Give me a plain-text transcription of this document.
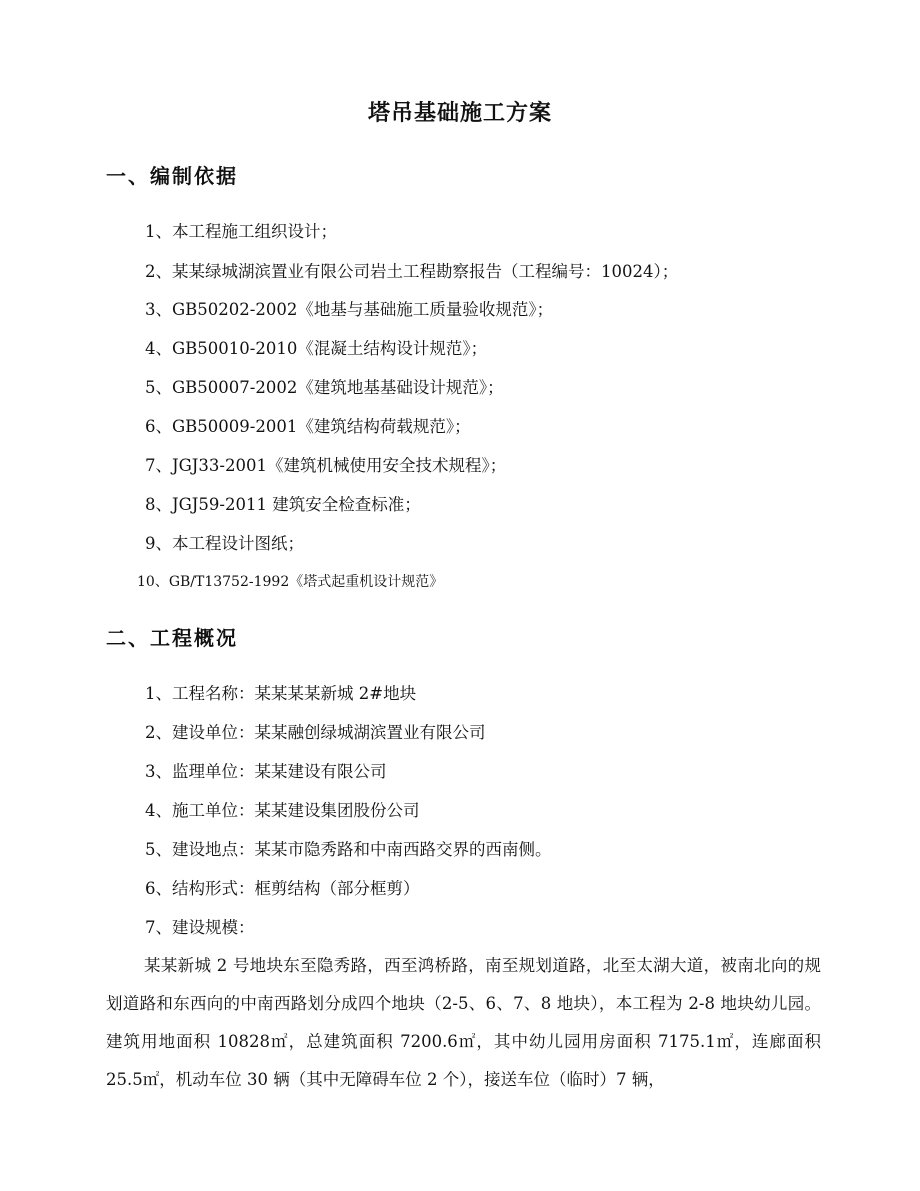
塔吊基础施工方案
一、编制依据
1、本工程施工组织设计；
2、某某绿城湖滨置业有限公司岩土工程勘察报告（工程编号：10024）；
3、GB50202-2002《地基与基础施工质量验收规范》；
4、GB50010-2010《混凝土结构设计规范》；
5、GB50007-2002《建筑地基基础设计规范》；
6、GB50009-2001《建筑结构荷载规范》；
7、JGJ33-2001《建筑机械使用安全技术规程》；
8、JGJ59-2011 建筑安全检查标准；
9、本工程设计图纸；
10、GB/T13752-1992《塔式起重机设计规范》
二、工程概况
1、工程名称：某某某某新城 2#地块
2、建设单位：某某融创绿城湖滨置业有限公司
3、监理单位：某某建设有限公司
4、施工单位：某某建设集团股份公司
5、建设地点：某某市隐秀路和中南西路交界的西南侧。
6、结构形式：框剪结构（部分框剪）
7、建设规模：
某某新城 2 号地块东至隐秀路，西至鸿桥路，南至规划道路，北至太湖大道，被南北向的规划道路和东西向的中南西路划分成四个地块（2-5、6、7、8 地块），本工程为 2-8 地块幼儿园。建筑用地面积 10828㎡，总建筑面积 7200.6㎡，其中幼儿园用房面积 7175.1㎡，连廊面积 25.5㎡，机动车位 30 辆（其中无障碍车位 2 个），接送车位（临时）7 辆，
